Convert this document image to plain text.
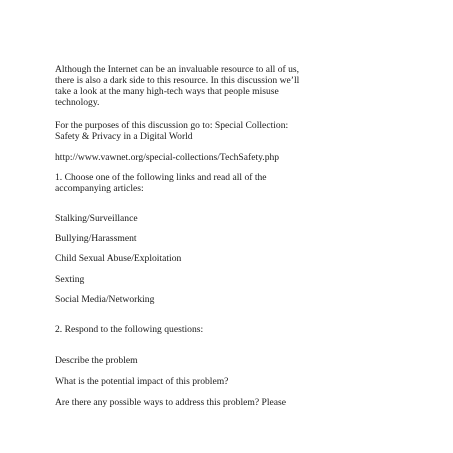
Although the Internet can be an invaluable resource to all of us,
there is also a dark side to this resource. In this discussion we’ll
take a look at the many high-tech ways that people misuse
technology.

For the purposes of this discussion go to: Special Collection:
Safety & Privacy in a Digital World

http://www.vawnet.org/special-collections/TechSafety.php

1. Choose one of the following links and read all of the
accompanying articles:

Stalking/Surveillance

Bullying/Harassment

Child Sexual Abuse/Exploitation

Sexting

Social Media/Networking

2. Respond to the following questions:

Describe the problem

What is the potential impact of this problem?

Are there any possible ways to address this problem? Please
